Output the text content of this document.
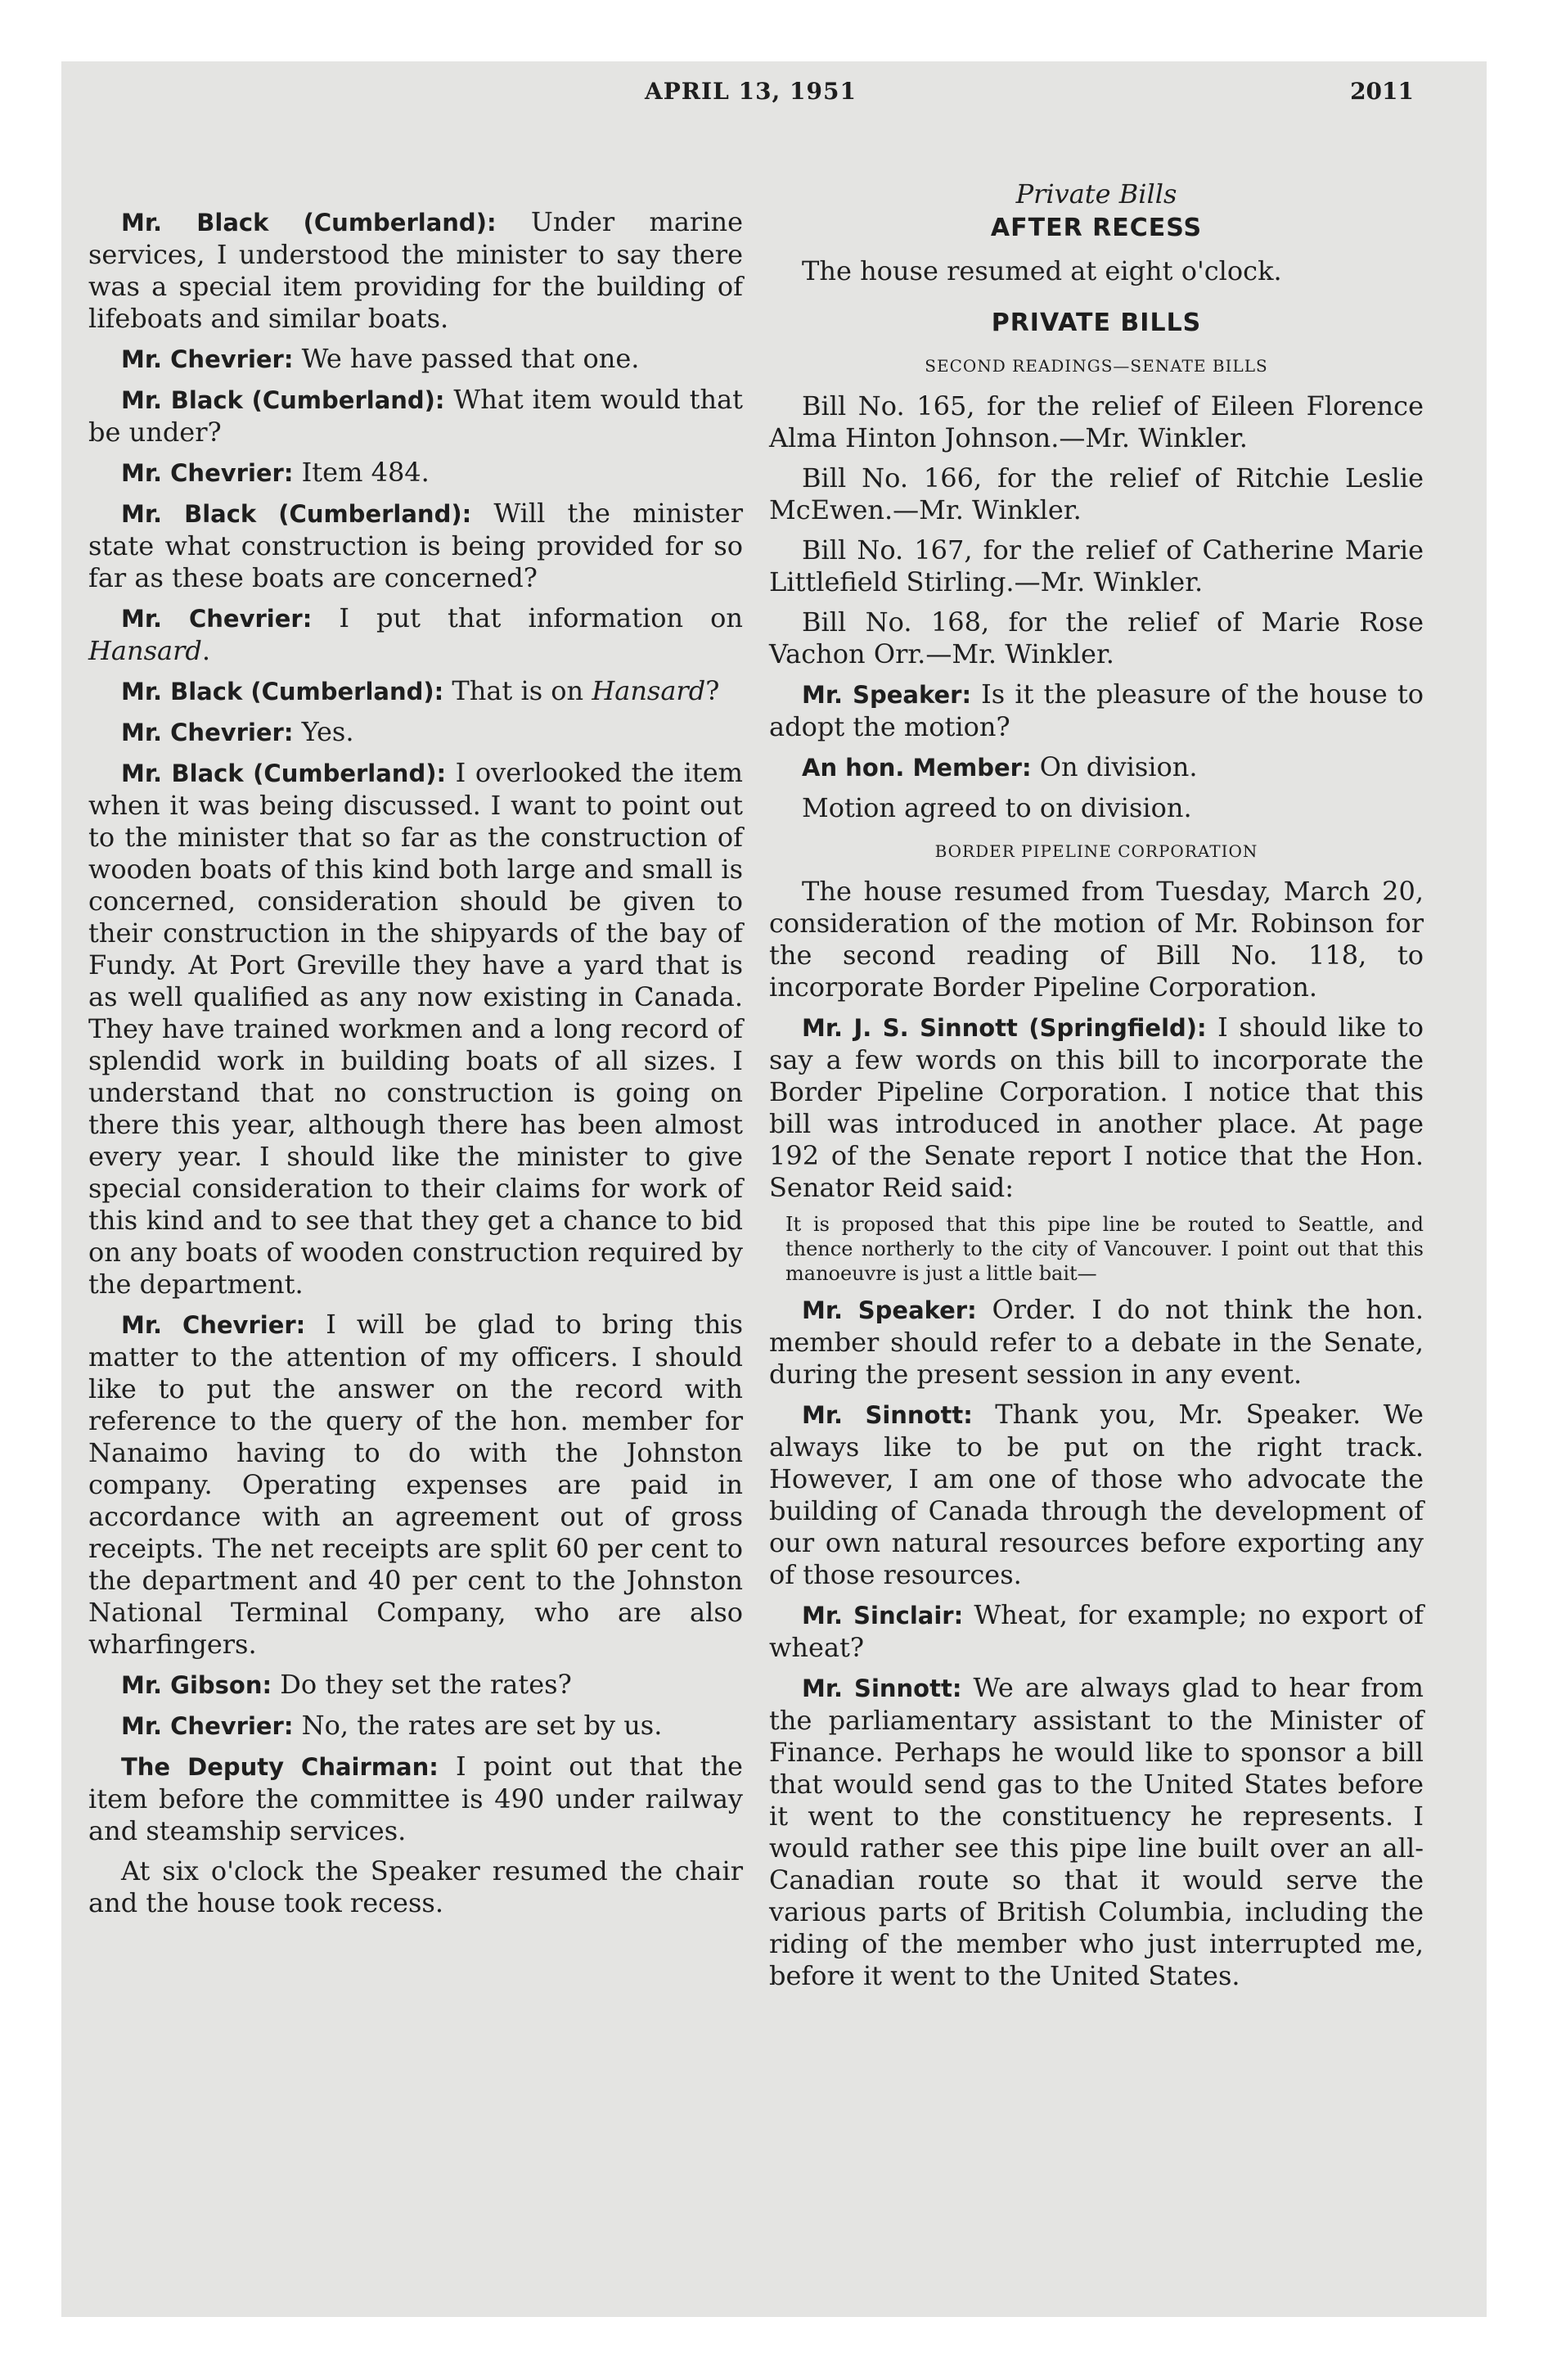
APRIL 13, 1951	2011

Mr. Black (Cumberland): Under marine services, I understood the minister to say there was a special item providing for the building of lifeboats and similar boats.

Mr. Chevrier: We have passed that one.

Mr. Black (Cumberland): What item would that be under?

Mr. Chevrier: Item 484.

Mr. Black (Cumberland): Will the minister state what construction is being provided for so far as these boats are concerned?

Mr. Chevrier: I put that information on Hansard.

Mr. Black (Cumberland): That is on Hansard?

Mr. Chevrier: Yes.

Mr. Black (Cumberland): I overlooked the item when it was being discussed. I want to point out to the minister that so far as the construction of wooden boats of this kind both large and small is concerned, consideration should be given to their construction in the shipyards of the bay of Fundy. At Port Greville they have a yard that is as well qualified as any now existing in Canada. They have trained workmen and a long record of splendid work in building boats of all sizes. I understand that no construction is going on there this year, although there has been almost every year. I should like the minister to give special consideration to their claims for work of this kind and to see that they get a chance to bid on any boats of wooden construction required by the department.

Mr. Chevrier: I will be glad to bring this matter to the attention of my officers. I should like to put the answer on the record with reference to the query of the hon. member for Nanaimo having to do with the Johnston company. Operating expenses are paid in accordance with an agreement out of gross receipts. The net receipts are split 60 per cent to the department and 40 per cent to the Johnston National Terminal Company, who are also wharfingers.

Mr. Gibson: Do they set the rates?

Mr. Chevrier: No, the rates are set by us.

The Deputy Chairman: I point out that the item before the committee is 490 under railway and steamship services.

At six o'clock the Speaker resumed the chair and the house took recess.

Private Bills

AFTER RECESS

The house resumed at eight o'clock.

PRIVATE BILLS

SECOND READINGS—SENATE BILLS

Bill No. 165, for the relief of Eileen Florence Alma Hinton Johnson.—Mr. Winkler.

Bill No. 166, for the relief of Ritchie Leslie McEwen.—Mr. Winkler.

Bill No. 167, for the relief of Catherine Marie Littlefield Stirling.—Mr. Winkler.

Bill No. 168, for the relief of Marie Rose Vachon Orr.—Mr. Winkler.

Mr. Speaker: Is it the pleasure of the house to adopt the motion?

An hon. Member: On division.

Motion agreed to on division.

BORDER PIPELINE CORPORATION

The house resumed from Tuesday, March 20, consideration of the motion of Mr. Robinson for the second reading of Bill No. 118, to incorporate Border Pipeline Corporation.

Mr. J. S. Sinnott (Springfield): I should like to say a few words on this bill to incorporate the Border Pipeline Corporation. I notice that this bill was introduced in another place. At page 192 of the Senate report I notice that the Hon. Senator Reid said:

It is proposed that this pipe line be routed to Seattle, and thence northerly to the city of Vancouver. I point out that this manoeuvre is just a little bait—

Mr. Speaker: Order. I do not think the hon. member should refer to a debate in the Senate, during the present session in any event.

Mr. Sinnott: Thank you, Mr. Speaker. We always like to be put on the right track. However, I am one of those who advocate the building of Canada through the development of our own natural resources before exporting any of those resources.

Mr. Sinclair: Wheat, for example; no export of wheat?

Mr. Sinnott: We are always glad to hear from the parliamentary assistant to the Minister of Finance. Perhaps he would like to sponsor a bill that would send gas to the United States before it went to the constituency he represents. I would rather see this pipe line built over an all-Canadian route so that it would serve the various parts of British Columbia, including the riding of the member who just interrupted me, before it went to the United States.
